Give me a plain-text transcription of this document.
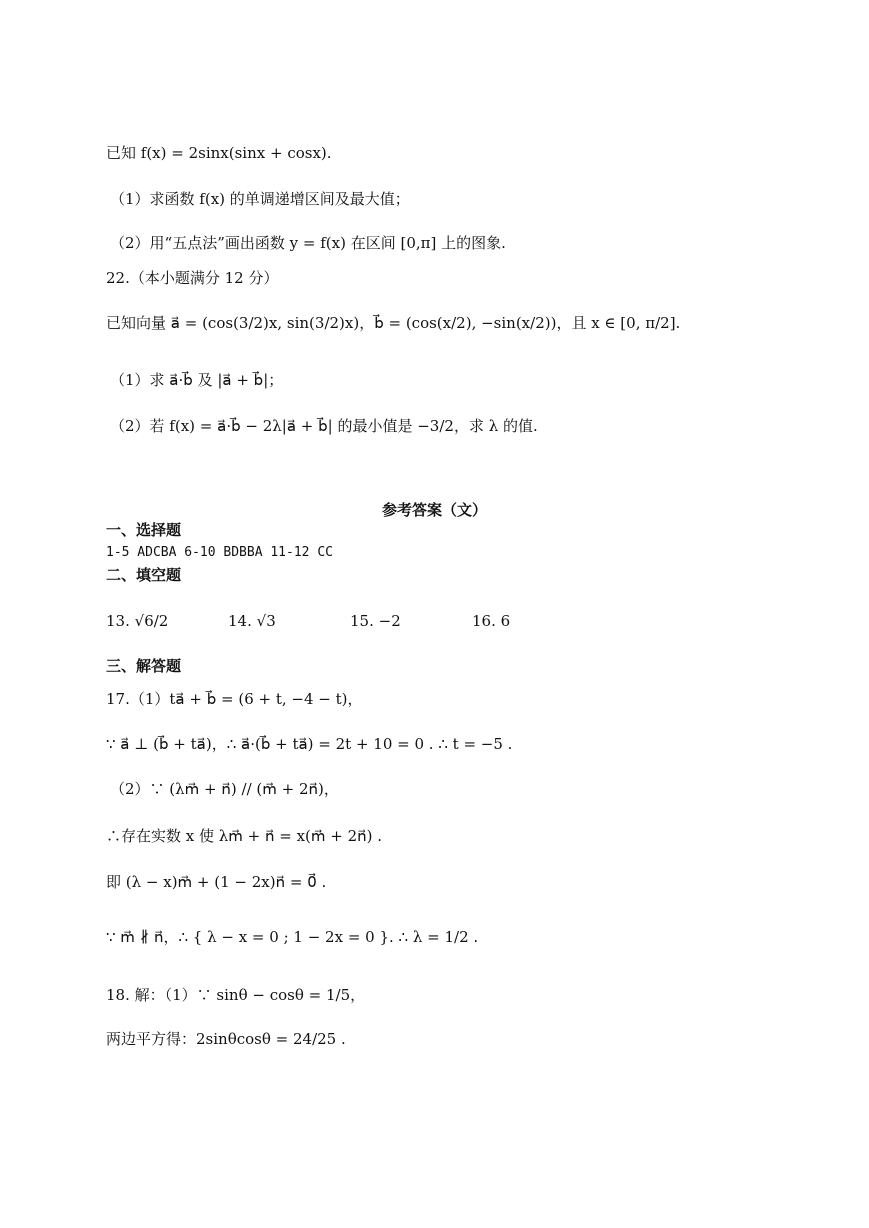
已知 f(x) = 2sinx(sinx + cosx).
（1）求函数 f(x) 的单调递增区间及最大值；
（2）用“五点法”画出函数 y = f(x) 在区间 [0,π] 上的图象.
22.（本小题满分 12 分）
已知向量 a⃗ = (cos(3/2)x, sin(3/2)x)，b⃗ = (cos(x/2), −sin(x/2))，且 x ∈ [0, π/2].
（1）求 a⃗·b⃗ 及 |a⃗ + b⃗|；
（2）若 f(x) = a⃗·b⃗ − 2λ|a⃗ + b⃗| 的最小值是 −3/2，求 λ 的值.
参考答案（文）
一、选择题
1-5 ADCBA 6-10 BDBBA 11-12 CC
二、填空题
13. √6/2	14. √3	15. −2	16. 6
三、解答题
17.（1）ta⃗ + b⃗ = (6 + t, −4 − t)，
∵ a⃗ ⊥ (b⃗ + ta⃗)，∴ a⃗·(b⃗ + ta⃗) = 2t + 10 = 0 . ∴ t = −5 .
（2）∵ (λm⃗ + n⃗) // (m⃗ + 2n⃗)，
∴存在实数 x 使 λm⃗ + n⃗ = x(m⃗ + 2n⃗) .
即 (λ − x)m⃗ + (1 − 2x)n⃗ = 0⃗ .
∵ m⃗ ∦ n⃗，∴ { λ − x = 0 ; 1 − 2x = 0 }. ∴ λ = 1/2 .
18. 解：（1）∵ sinθ − cosθ = 1/5，
两边平方得：2sinθcosθ = 24/25 .
